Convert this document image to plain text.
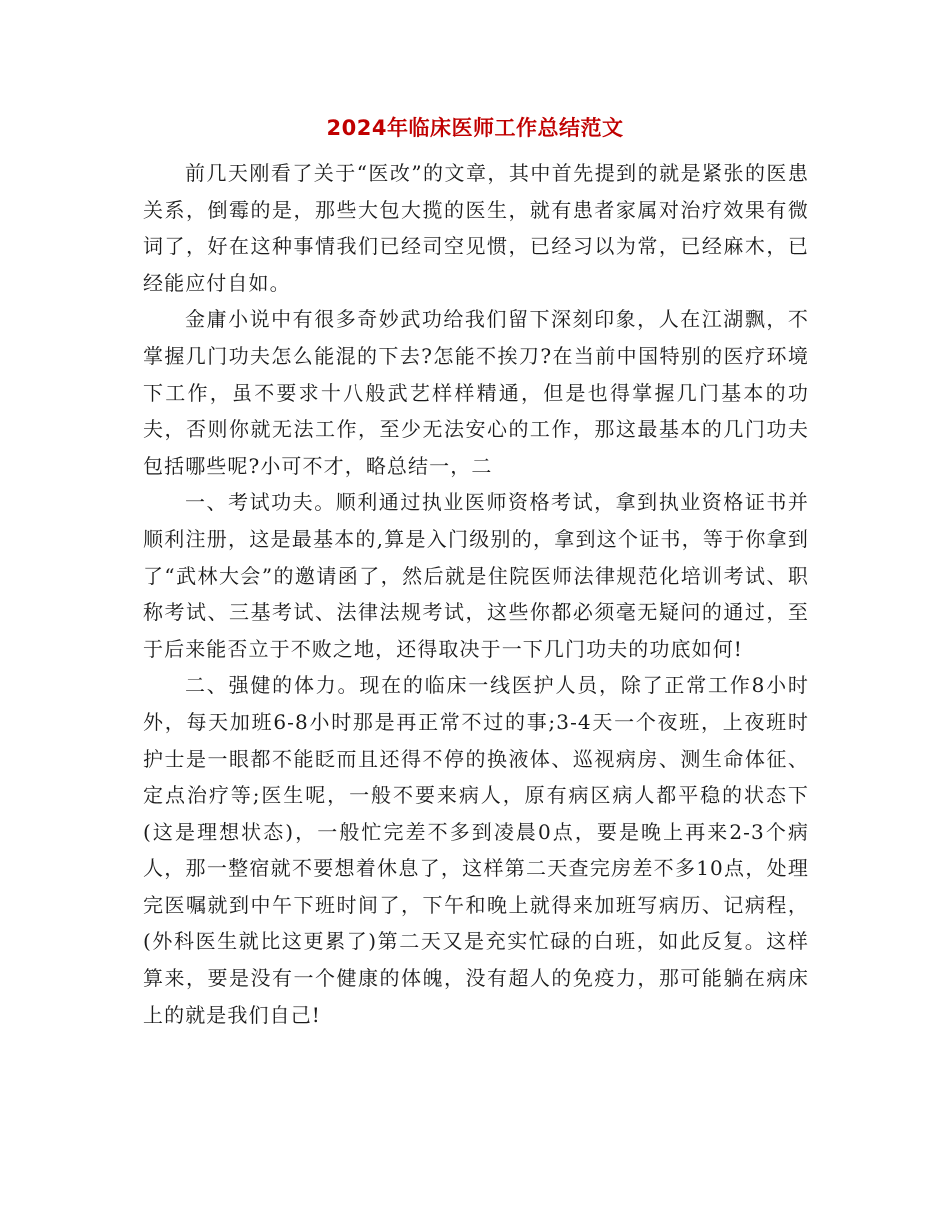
2024年临床医师工作总结范文

前几天刚看了关于“医改”的文章，其中首先提到的就是紧张的医患关系，倒霉的是，那些大包大揽的医生，就有患者家属对治疗效果有微词了，好在这种事情我们已经司空见惯，已经习以为常，已经麻木，已经能应付自如。

金庸小说中有很多奇妙武功给我们留下深刻印象，人在江湖飘，不掌握几门功夫怎么能混的下去?怎能不挨刀?在当前中国特别的医疗环境下工作，虽不要求十八般武艺样样精通，但是也得掌握几门基本的功夫，否则你就无法工作，至少无法安心的工作，那这最基本的几门功夫包括哪些呢?小可不才，略总结一，二

一、考试功夫。顺利通过执业医师资格考试，拿到执业资格证书并顺利注册，这是最基本的,算是入门级别的，拿到这个证书，等于你拿到了“武林大会”的邀请函了，然后就是住院医师法律规范化培训考试、职称考试、三基考试、法律法规考试，这些你都必须毫无疑问的通过，至于后来能否立于不败之地，还得取决于一下几门功夫的功底如何!

二、强健的体力。现在的临床一线医护人员，除了正常工作8小时外，每天加班6-8小时那是再正常不过的事;3-4天一个夜班，上夜班时护士是一眼都不能眨而且还得不停的换液体、巡视病房、测生命体征、定点治疗等;医生呢，一般不要来病人，原有病区病人都平稳的状态下(这是理想状态)，一般忙完差不多到凌晨0点，要是晚上再来2-3个病人，那一整宿就不要想着休息了，这样第二天查完房差不多10点，处理完医嘱就到中午下班时间了，下午和晚上就得来加班写病历、记病程，(外科医生就比这更累了)第二天又是充实忙碌的白班，如此反复。这样算来，要是没有一个健康的体魄，没有超人的免疫力，那可能躺在病床上的就是我们自己!
